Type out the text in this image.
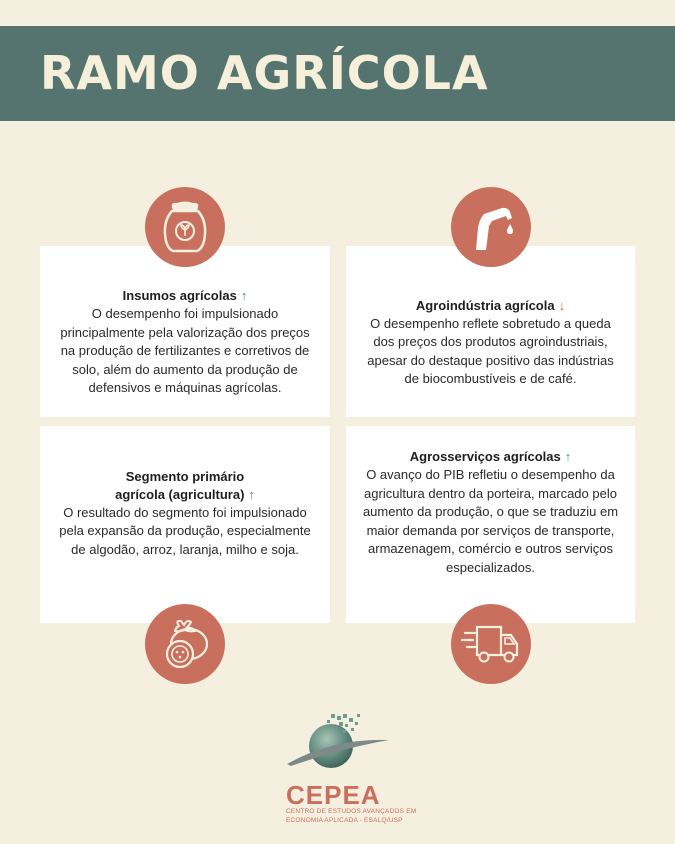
RAMO AGRÍCOLA
Insumos agrícolas ↑
O desempenho foi impulsionado principalmente pela valorização dos preços na produção de fertilizantes e corretivos de solo, além do aumento da produção de defensivos e máquinas agrícolas.
Agroindústria agrícola ↓
O desempenho reflete sobretudo a queda dos preços dos produtos agroindustriais, apesar do destaque positivo das indústrias de biocombustíveis e de café.
Segmento primário agrícola (agricultura) ↑
O resultado do segmento foi impulsionado pela expansão da produção, especialmente de algodão, arroz, laranja, milho e soja.
Agrosserviços agrícolas ↑
O avanço do PIB refletiu o desempenho da agricultura dentro da porteira, marcado pelo aumento da produção, o que se traduziu em maior demanda por serviços de transporte, armazenagem, comércio e outros serviços especializados.
CEPEA
CENTRO DE ESTUDOS AVANÇADOS EM
ECONOMIA APLICADA - ESALQ/USP
